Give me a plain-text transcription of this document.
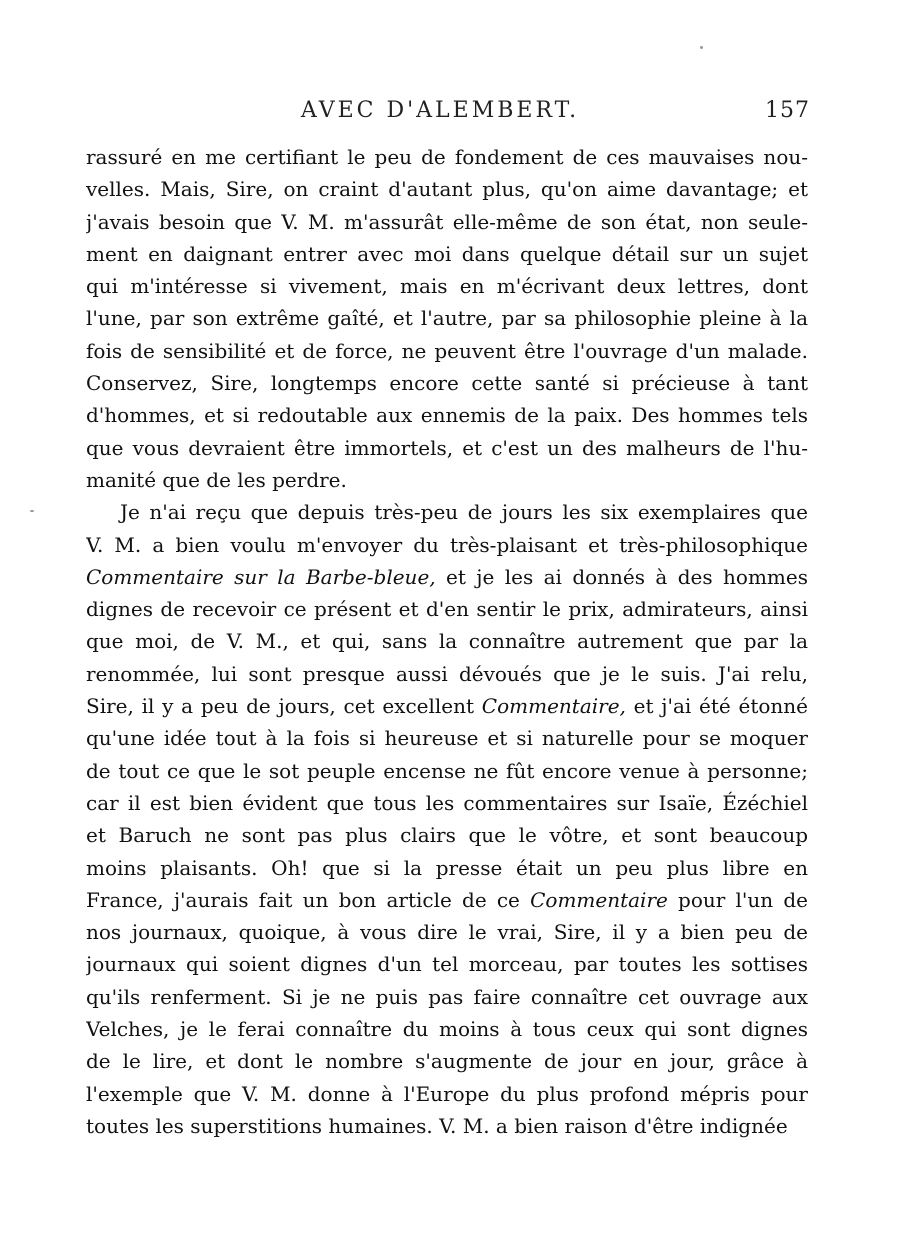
AVEC D'ALEMBERT.	157
rassuré en me certifiant le peu de fondement de ces mauvaises nou-
velles. Mais, Sire, on craint d'autant plus, qu'on aime davantage; et
j'avais besoin que V. M. m'assurât elle-même de son état, non seule-
ment en daignant entrer avec moi dans quelque détail sur un sujet
qui m'intéresse si vivement, mais en m'écrivant deux lettres, dont
l'une, par son extrême gaîté, et l'autre, par sa philosophie pleine à la
fois de sensibilité et de force, ne peuvent être l'ouvrage d'un malade.
Conservez, Sire, longtemps encore cette santé si précieuse à tant
d'hommes, et si redoutable aux ennemis de la paix. Des hommes tels
que vous devraient être immortels, et c'est un des malheurs de l'hu-
manité que de les perdre.
Je n'ai reçu que depuis très-peu de jours les six exemplaires que
V. M. a bien voulu m'envoyer du très-plaisant et très-philosophique
Commentaire sur la Barbe-bleue, et je les ai donnés à des hommes
dignes de recevoir ce présent et d'en sentir le prix, admirateurs, ainsi
que moi, de V. M., et qui, sans la connaître autrement que par la
renommée, lui sont presque aussi dévoués que je le suis. J'ai relu,
Sire, il y a peu de jours, cet excellent Commentaire, et j'ai été étonné
qu'une idée tout à la fois si heureuse et si naturelle pour se moquer
de tout ce que le sot peuple encense ne fût encore venue à personne;
car il est bien évident que tous les commentaires sur Isaïe, Ézéchiel
et Baruch ne sont pas plus clairs que le vôtre, et sont beaucoup
moins plaisants. Oh! que si la presse était un peu plus libre en
France, j'aurais fait un bon article de ce Commentaire pour l'un de
nos journaux, quoique, à vous dire le vrai, Sire, il y a bien peu de
journaux qui soient dignes d'un tel morceau, par toutes les sottises
qu'ils renferment. Si je ne puis pas faire connaître cet ouvrage aux
Velches, je le ferai connaître du moins à tous ceux qui sont dignes
de le lire, et dont le nombre s'augmente de jour en jour, grâce à
l'exemple que V. M. donne à l'Europe du plus profond mépris pour
toutes les superstitions humaines. V. M. a bien raison d'être indignée
